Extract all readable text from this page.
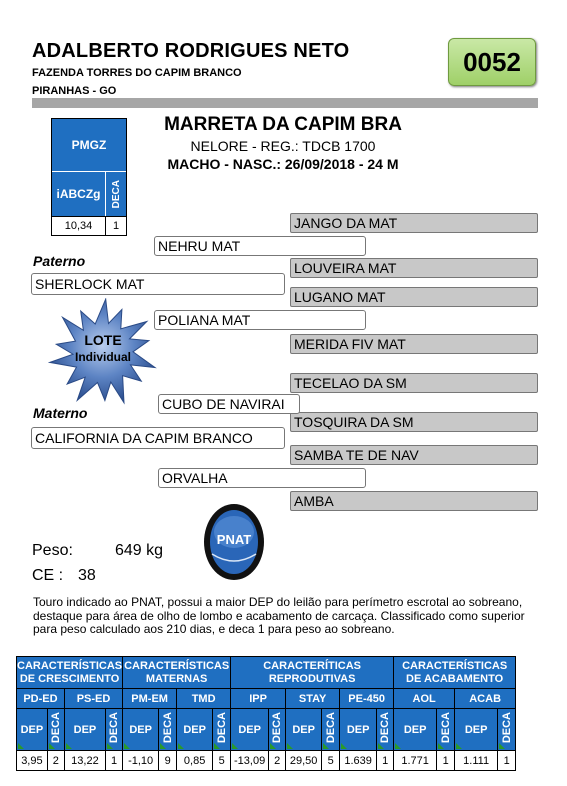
ADALBERTO RODRIGUES NETO
FAZENDA TORRES DO CAPIM BRANCO
PIRANHAS - GO
0052
PMGZ
iABCZg	DECA
10,34	1
MARRETA DA CAPIM BRA
NELORE - REG.: TDCB 1700
MACHO - NASC.: 26/09/2018 - 24 M
JANGO DA MAT
LOUVEIRA MAT
LUGANO MAT
MERIDA FIV MAT
TECELAO DA SM
TOSQUIRA DA SM
SAMBA TE DE NAV
AMBA
NEHRU MAT
POLIANA MAT
CUBO DE NAVIRAI
ORVALHA
Paterno
SHERLOCK MAT
Materno
CALIFORNIA DA CAPIM BRANCO
LOTE
Individual
PNAT
Peso:	649 kg
CE : 38
Touro indicado ao PNAT, possui a maior DEP do leilão para perímetro escrotal ao sobreano, destaque para área de olho de lombo e acabamento de carcaça. Classificado como superior para peso calculado aos 210 dias, e deca 1 para peso ao sobreano.
CARACTERÍSTICAS DE CRESCIMENTO				CARACTERÍSTICAS MATERNAS				CARACTERÍTICAS REPRODUTIVAS						CARACTERÍSTICAS DE ACABAMENTO			
PD-ED		PS-ED		PM-EM		TMD		IPP		STAY		PE-450		AOL		ACAB	
DEP	DECA	DEP	DECA	DEP	DECA	DEP	DECA	DEP	DECA	DEP	DECA	DEP	DECA	DEP	DECA	DEP	DECA
3,95	2	13,22	1	-1,10	9	0,85	5	-13,09	2	29,50	5	1.639	1	1.771	1	1.111	1
